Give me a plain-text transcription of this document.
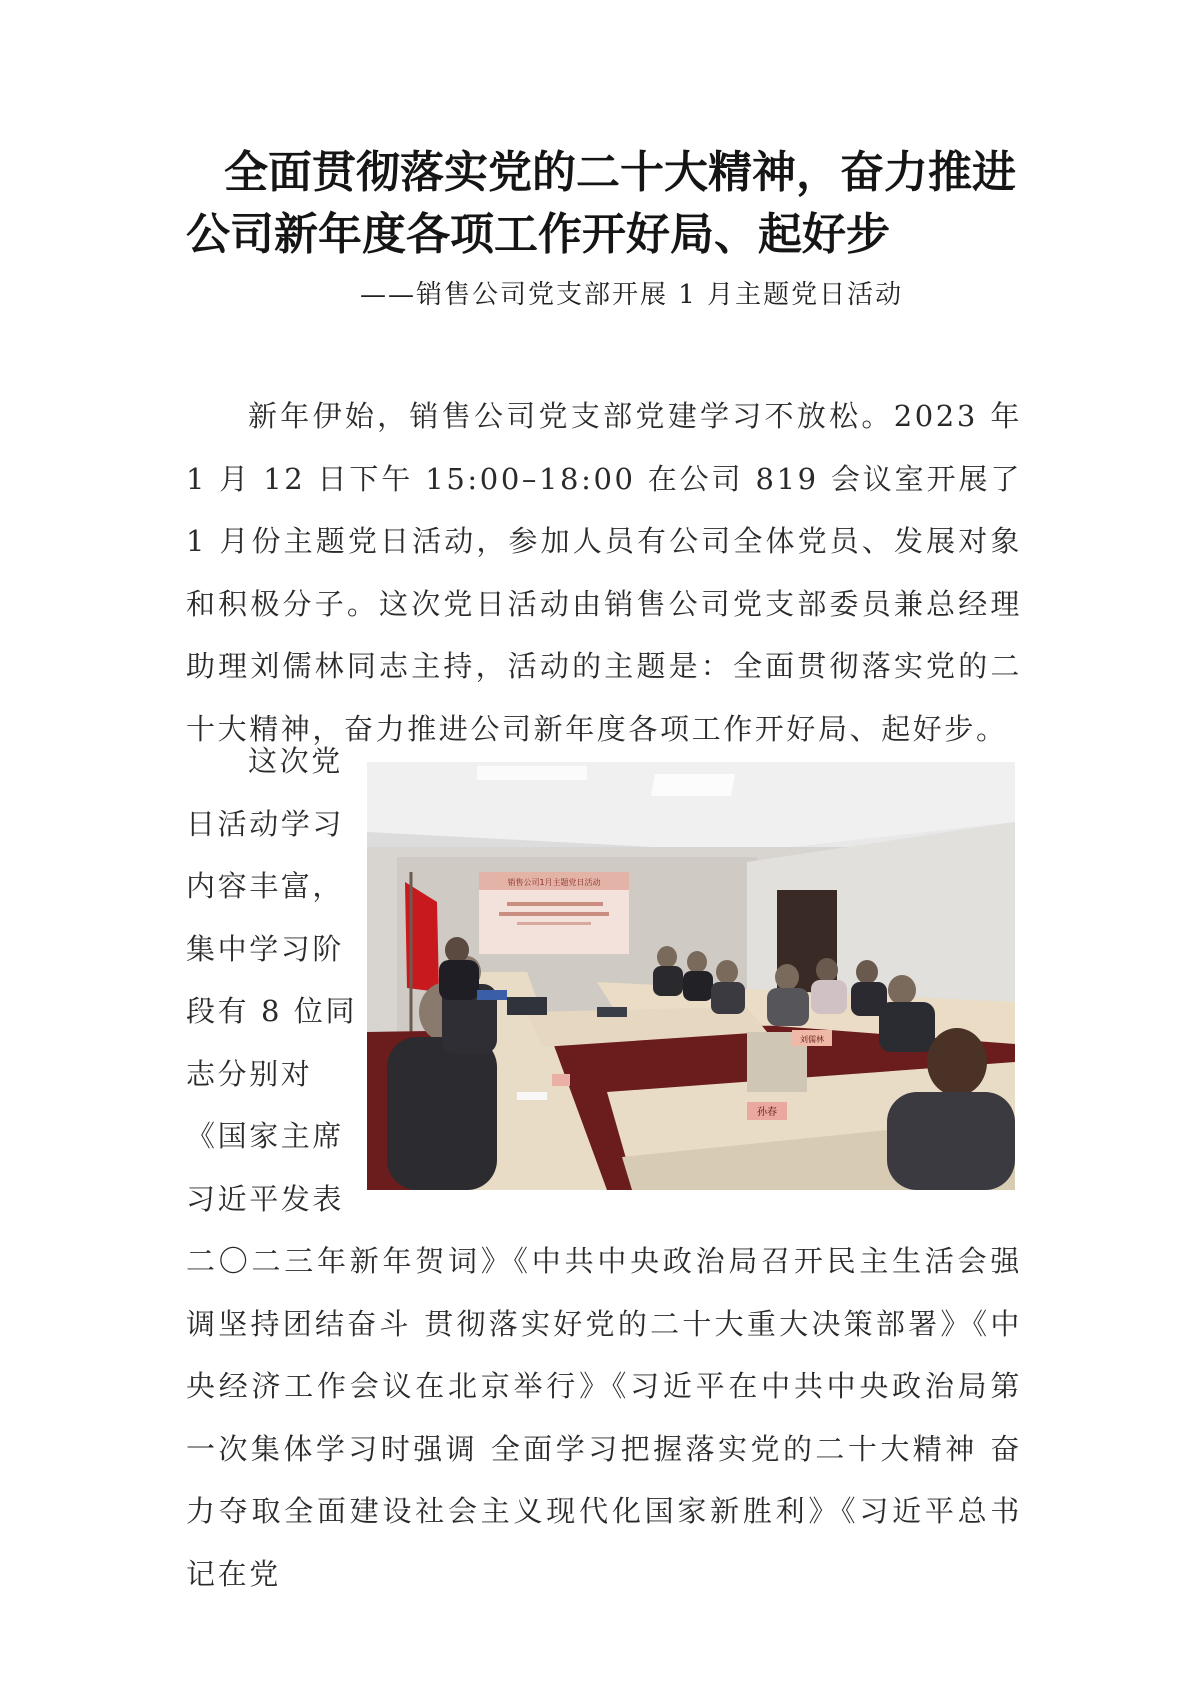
全面贯彻落实党的二十大精神，奋力推进
公司新年度各项工作开好局、起好步
——销售公司党支部开展 1 月主题党日活动

新年伊始，销售公司党支部党建学习不放松。2023 年 1 月 12 日下午 15:00–18:00 在公司 819 会议室开展了 1 月份主题党日活动，参加人员有公司全体党员、发展对象和积极分子。这次党日活动由销售公司党支部委员兼总经理助理刘儒林同志主持，活动的主题是：全面贯彻落实党的二十大精神，奋力推进公司新年度各项工作开好局、起好步。

这次党
日活动学习
内容丰富，
集中学习阶
段有 8 位同
志分别对
《国家主席
习近平发表
销售公司1月主题党日活动
孙春
刘儒林

二〇二三年新年贺词》《中共中央政治局召开民主生活会强调坚持团结奋斗 贯彻落实好党的二十大重大决策部署》《中央经济工作会议在北京举行》《习近平在中共中央政治局第一次集体学习时强调 全面学习把握落实党的二十大精神 奋力夺取全面建设社会主义现代化国家新胜利》《习近平总书记在党
